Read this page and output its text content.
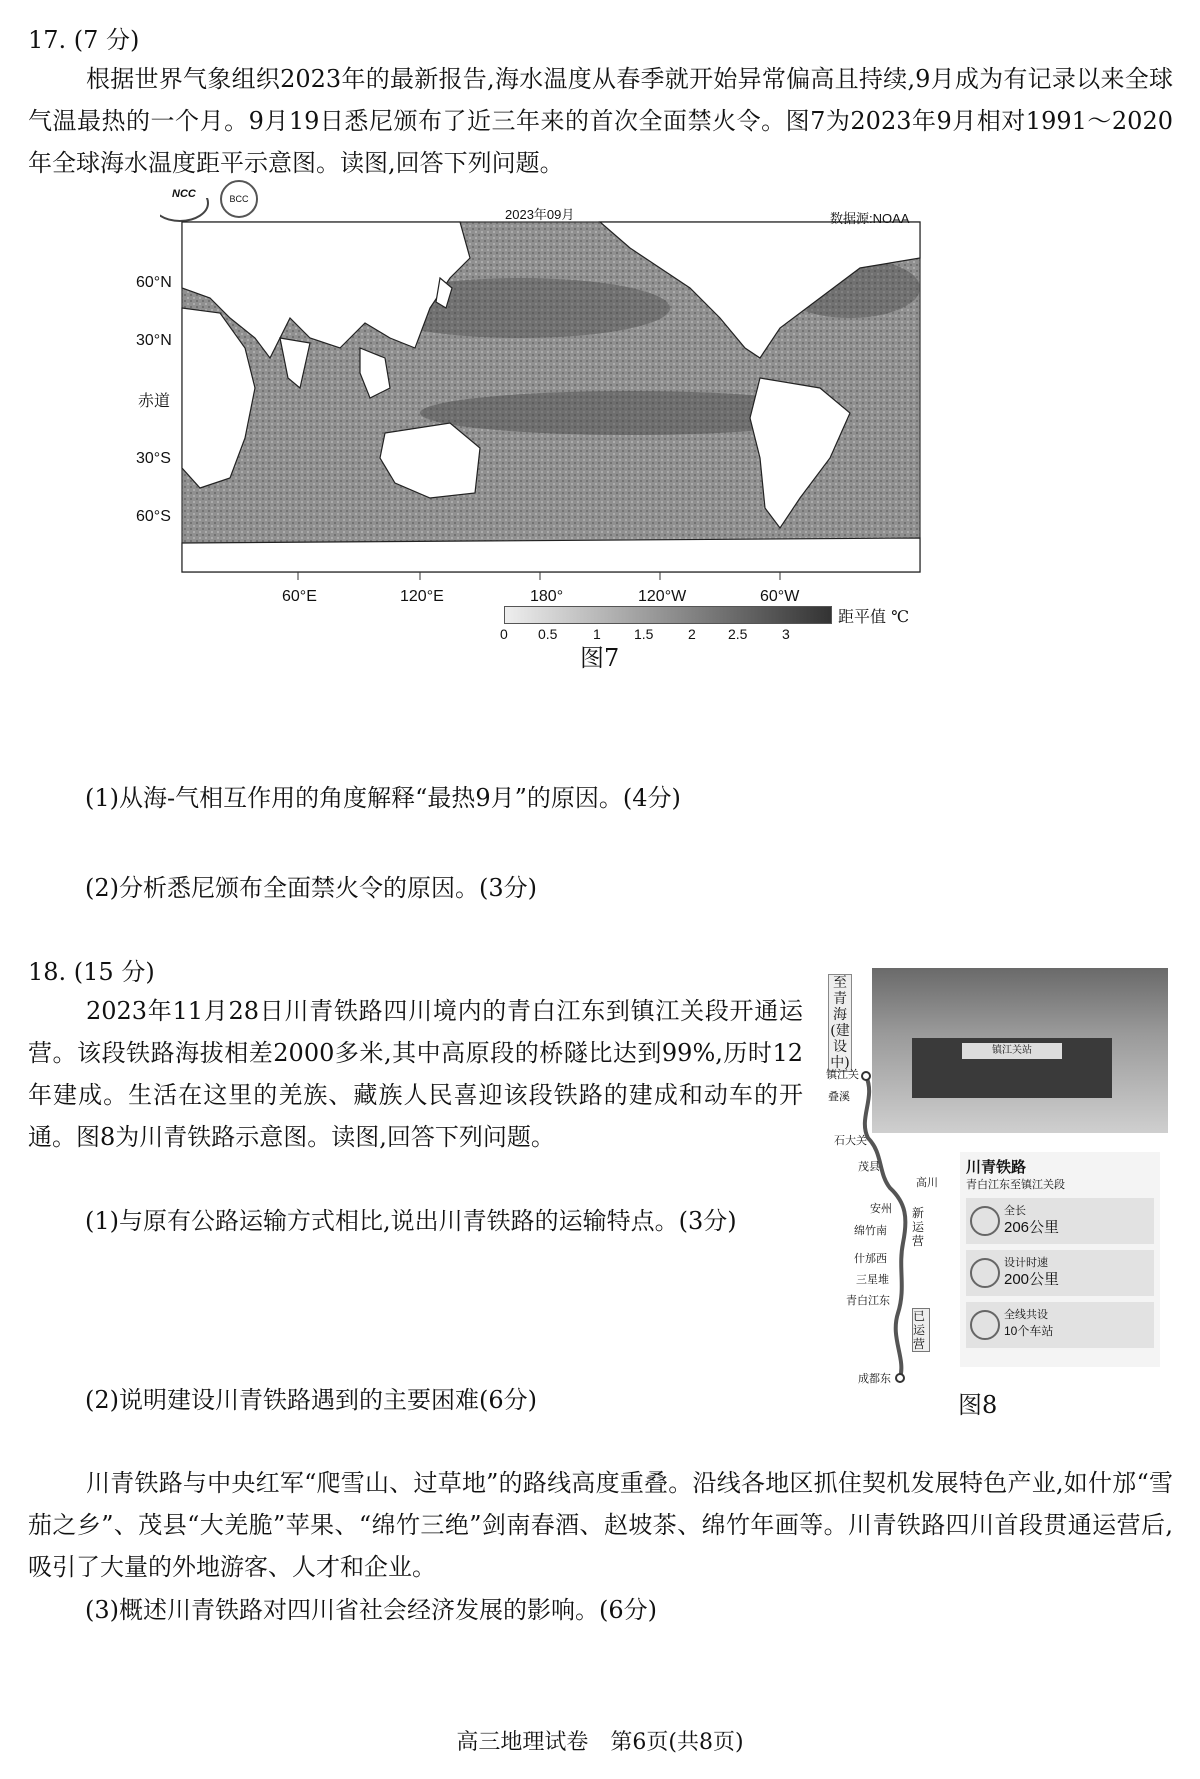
17. (7 分)
根据世界气象组织2023年的最新报告,海水温度从春季就开始异常偏高且持续,9月成为有记录以来全球气温最热的一个月。9月19日悉尼颁布了近三年来的首次全面禁火令。图7为2023年9月相对1991～2020年全球海水温度距平示意图。读图,回答下列问题。
2023年09月	数据源:NOAA
NCC	BCC
60°N
30°N
赤道
30°S
60°S
60°E	120°E	180°	120°W	60°W
距平值 ℃
0 0.5	1 1.5 2 2.5 3
图7
(1)从海-气相互作用的角度解释“最热9月”的原因。(4分)
(2)分析悉尼颁布全面禁火令的原因。(3分)
18. (15 分)
2023年11月28日川青铁路四川境内的青白江东到镇江关段开通运营。该段铁路海拔相差2000多米,其中高原段的桥隧比达到99%,历时12年建成。生活在这里的羌族、藏族人民喜迎该段铁路的建成和动车的开通。图8为川青铁路示意图。读图,回答下列问题。
(1)与原有公路运输方式相比,说出川青铁路的运输特点。(3分)
(2)说明建设川青铁路遇到的主要困难(6分)
镇江关站
至青海(建设中)
镇江关
叠溪
石大关
茂县
高川
安州
绵竹南
什邡西
三星堆
青白江东
成都东
新运营
已运营
川青铁路
青白江东至镇江关段
全长
206公里
设计时速
200公里
全线共设
10个车站
图8
川青铁路与中央红军“爬雪山、过草地”的路线高度重叠。沿线各地区抓住契机发展特色产业,如什邡“雪茄之乡”、茂县“大羌脆”苹果、“绵竹三绝”剑南春酒、赵坡茶、绵竹年画等。川青铁路四川首段贯通运营后,吸引了大量的外地游客、人才和企业。
(3)概述川青铁路对四川省社会经济发展的影响。(6分)
高三地理试卷　第6页(共8页)
